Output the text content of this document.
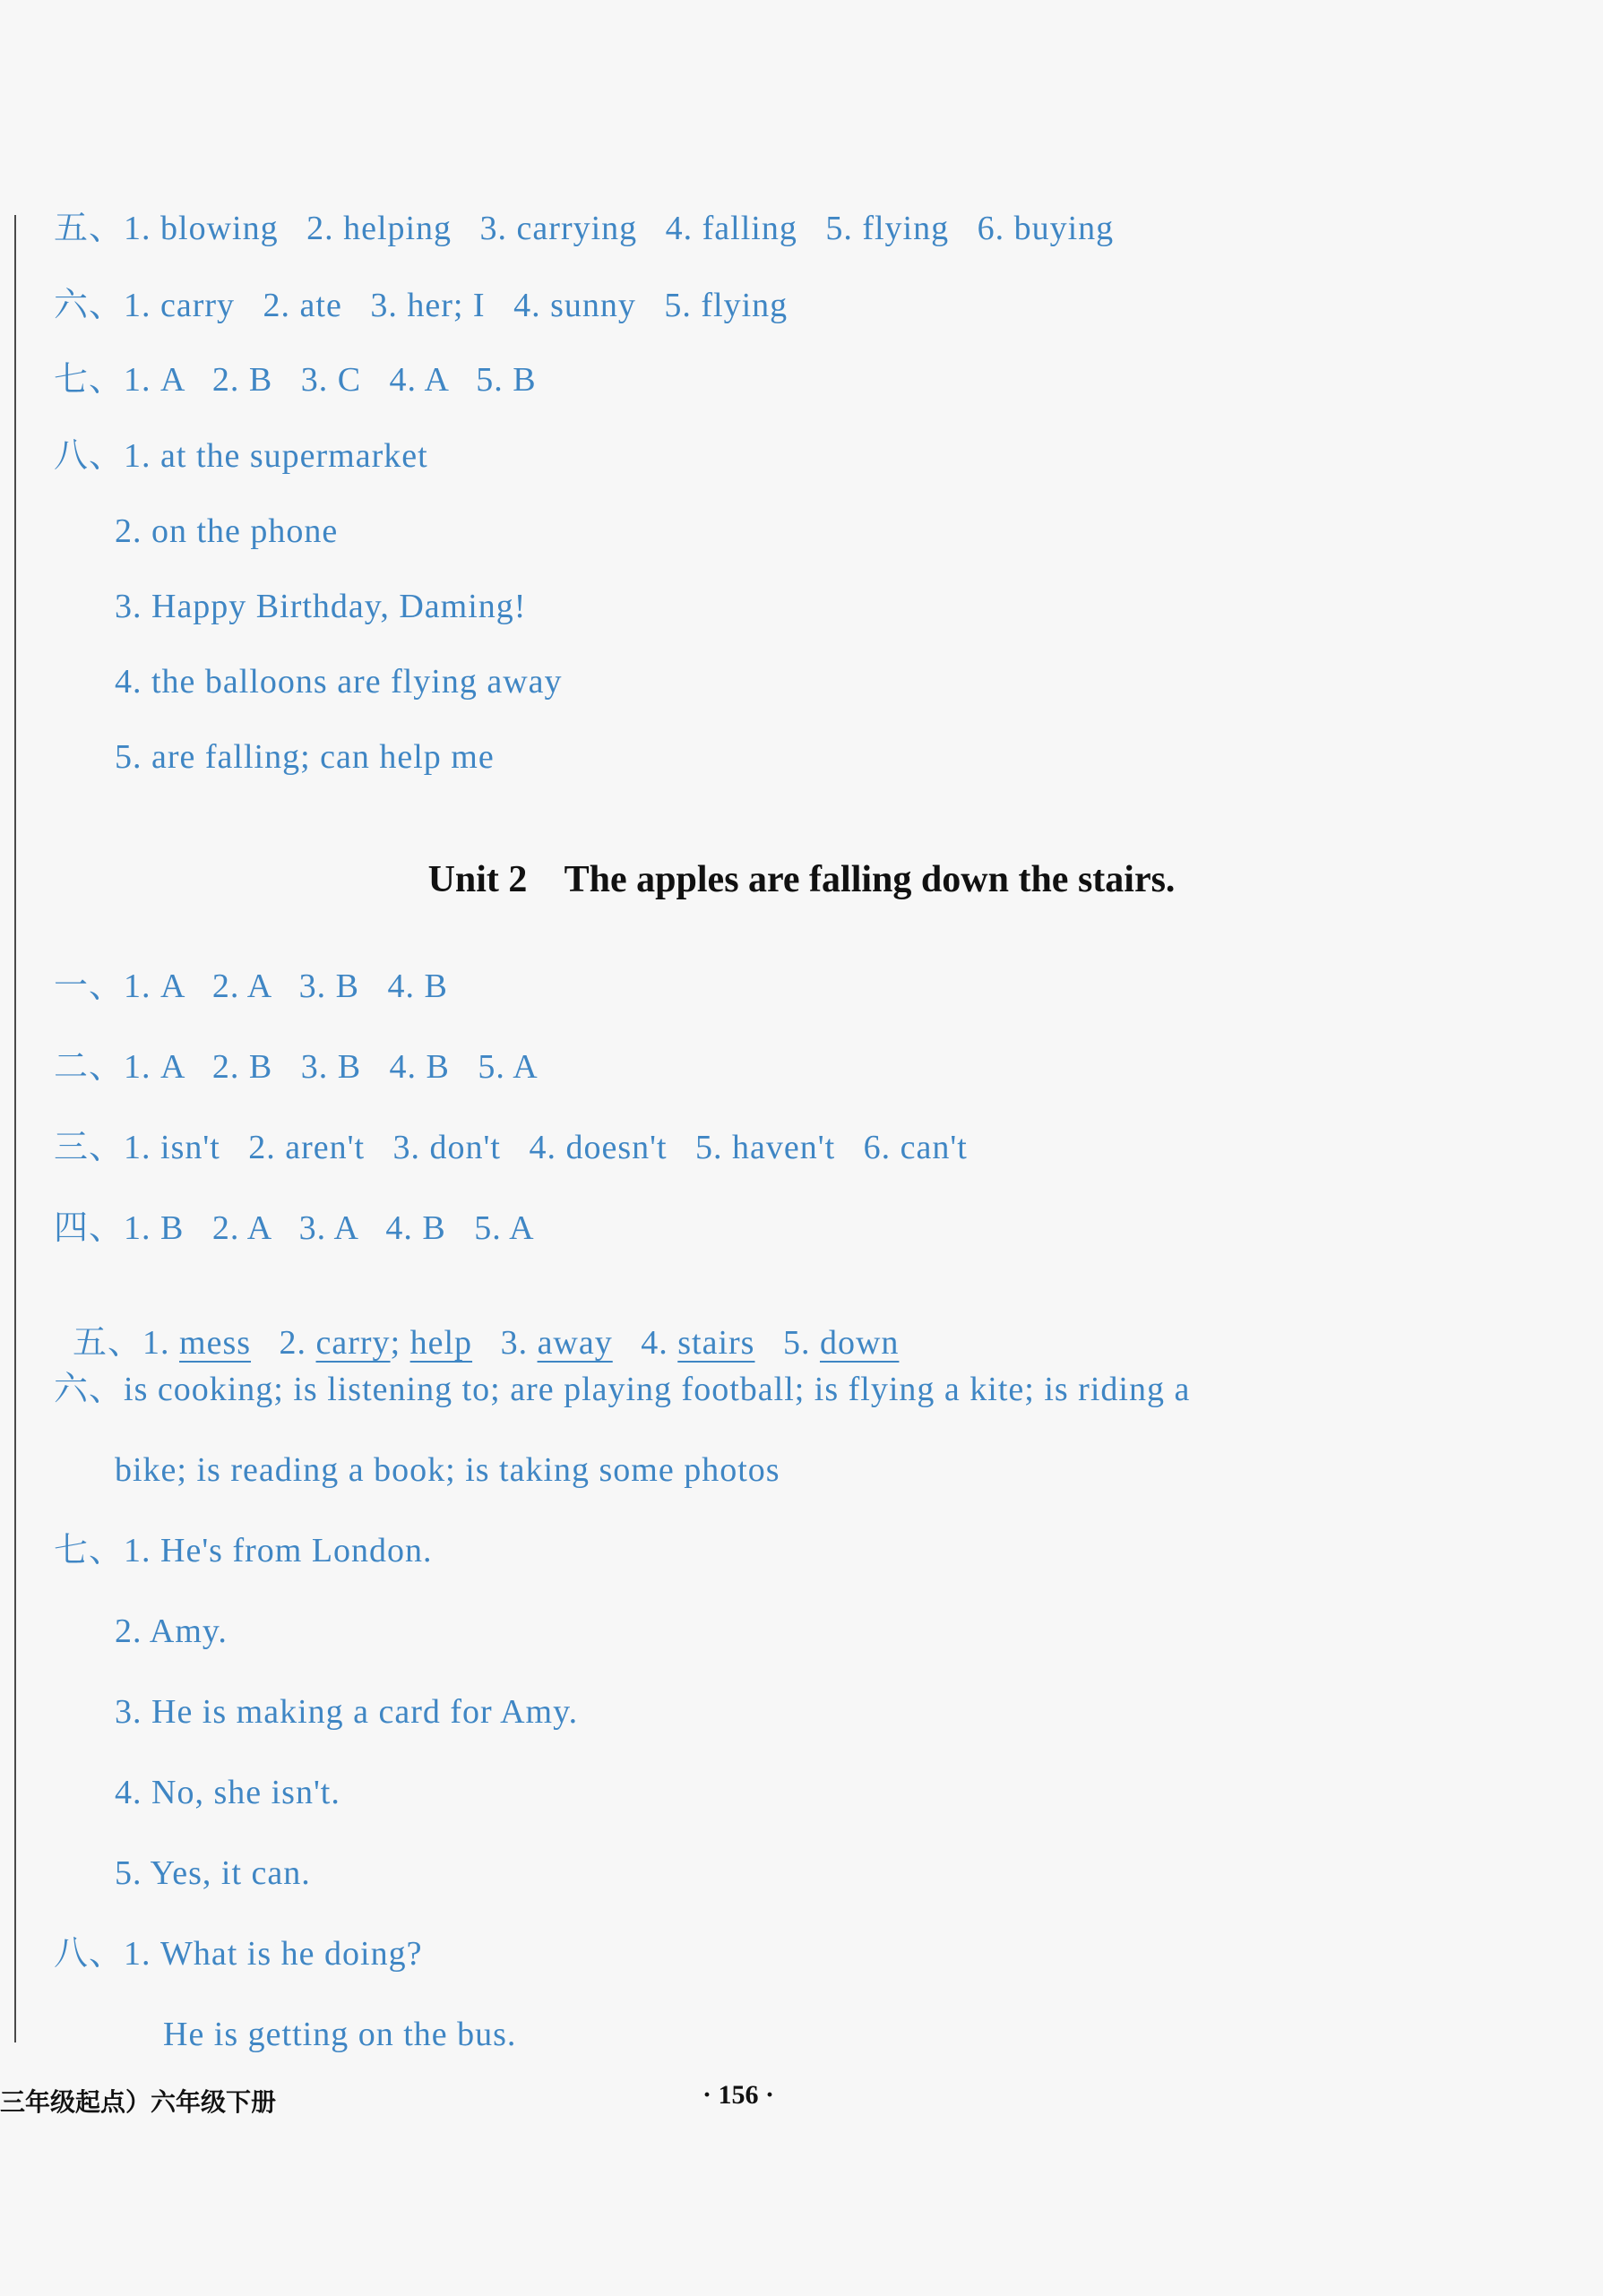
五、1. blowing   2. helping   3. carrying   4. falling   5. flying   6. buying
六、1. carry   2. ate   3. her; I   4. sunny   5. flying
七、1. A   2. B   3. C   4. A   5. B
八、1. at the supermarket
2. on the phone
3. Happy Birthday, Daming!
4. the balloons are flying away
5. are falling; can help me
Unit 2    The apples are falling down the stairs.
一、1. A   2. A   3. B   4. B
二、1. A   2. B   3. B   4. B   5. A
三、1. isn't   2. aren't   3. don't   4. doesn't   5. haven't   6. can't
四、1. B   2. A   3. A   4. B   5. A

五、1. mess   2. carry; help   3. away   4. stairs   5. down

六、is cooking; is listening to; are playing football; is flying a kite; is riding a
bike; is reading a book; is taking some photos
七、1. He's from London.
2. Amy.
3. He is making a card for Amy.
4. No, she isn't.
5. Yes, it can.
八、1. What is he doing?
He is getting on the bus.
三年级起点）六年级下册	· 156 ·
